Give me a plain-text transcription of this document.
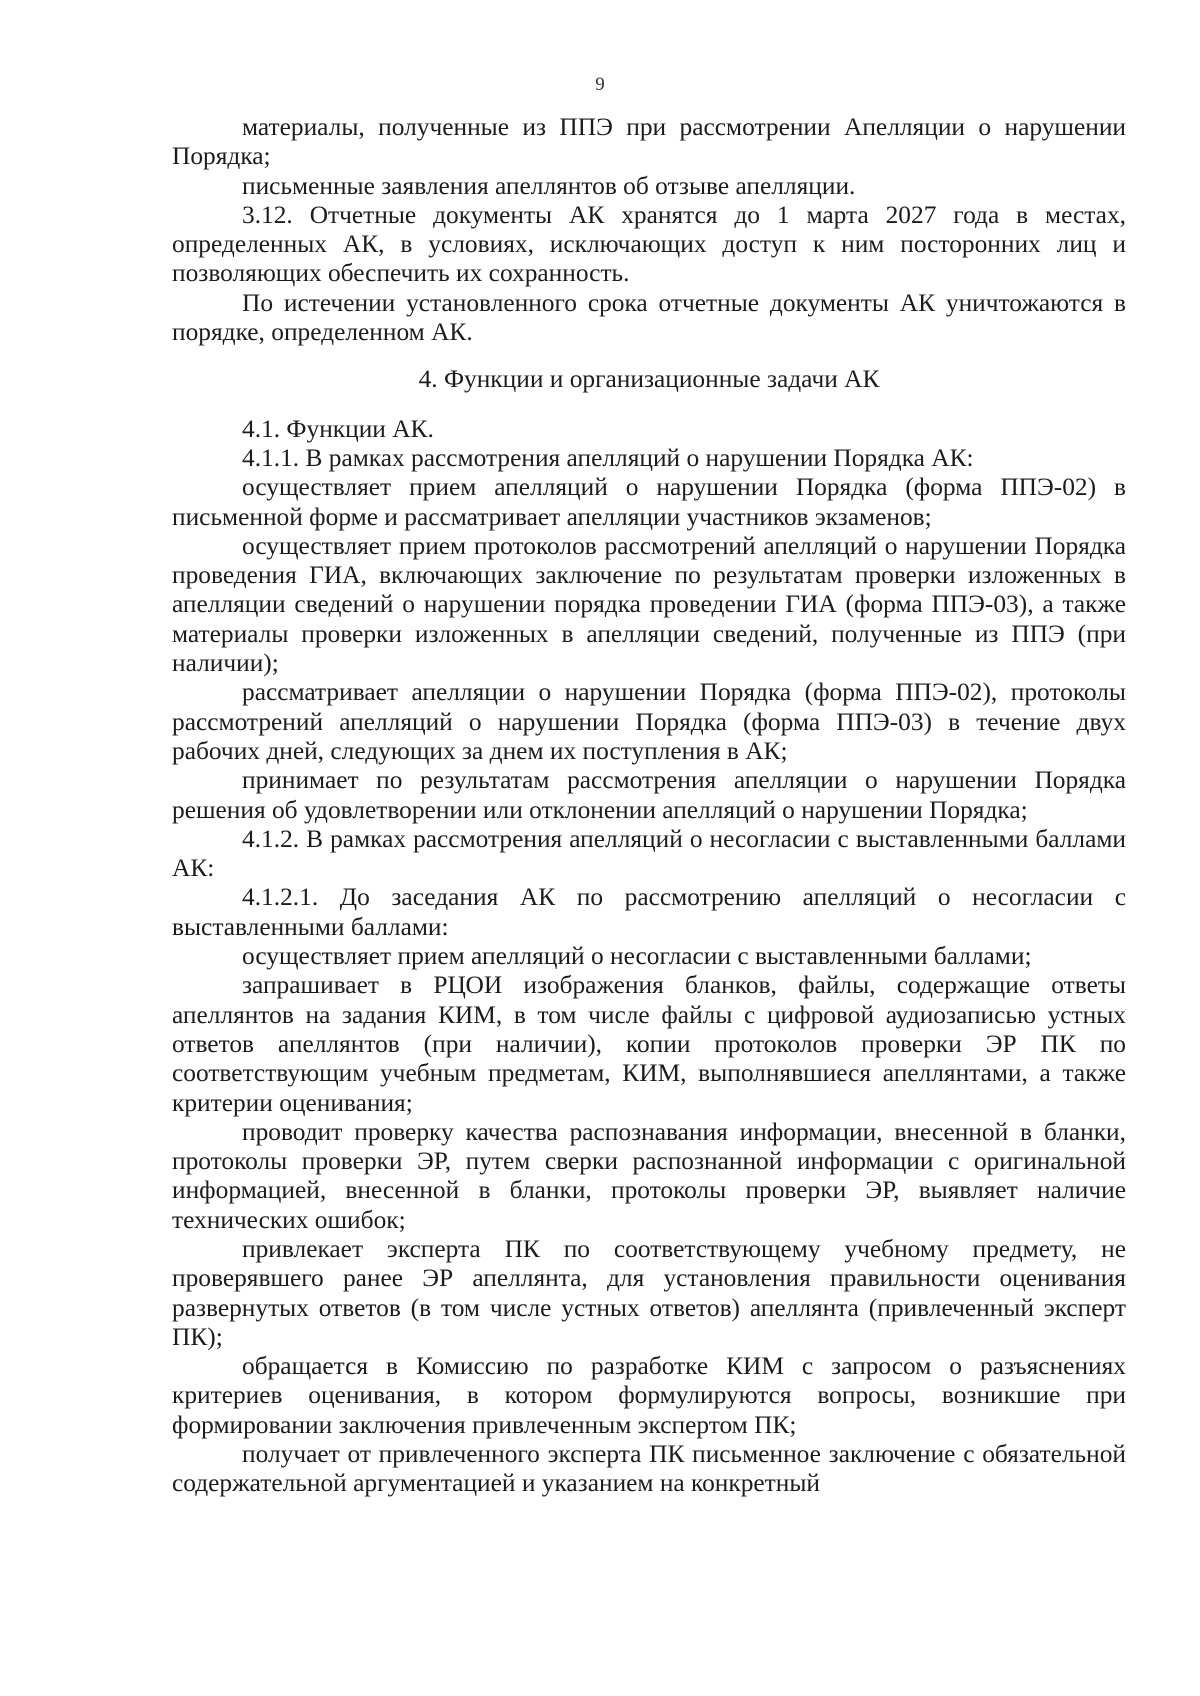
9

материалы, полученные из ППЭ при рассмотрении Апелляции о нарушении Порядка;

письменные заявления апеллянтов об отзыве апелляции.

3.12. Отчетные документы АК хранятся до 1 марта 2027 года в местах, определенных АК, в условиях, исключающих доступ к ним посторонних лиц и позволяющих обеспечить их сохранность.

По истечении установленного срока отчетные документы АК уничтожаются в порядке, определенном АК.

4. Функции и организационные задачи АК

4.1. Функции АК.

4.1.1. В рамках рассмотрения апелляций о нарушении Порядка АК:

осуществляет прием апелляций о нарушении Порядка (форма ППЭ-02) в письменной форме и рассматривает апелляции участников экзаменов;

осуществляет прием протоколов рассмотрений апелляций о нарушении Порядка проведения ГИА, включающих заключение по результатам проверки изложенных в апелляции сведений о нарушении порядка проведении ГИА (форма ППЭ-03), а также материалы проверки изложенных в апелляции сведений, полученные из ППЭ (при наличии);

рассматривает апелляции о нарушении Порядка (форма ППЭ-02), протоколы рассмотрений апелляций о нарушении Порядка (форма ППЭ-03) в течение двух рабочих дней, следующих за днем их поступления в АК;

принимает по результатам рассмотрения апелляции о нарушении Порядка решения об удовлетворении или отклонении апелляций о нарушении Порядка;

4.1.2. В рамках рассмотрения апелляций о несогласии с выставленными баллами АК:

4.1.2.1. До заседания АК по рассмотрению апелляций о несогласии с выставленными баллами:

осуществляет прием апелляций о несогласии с выставленными баллами;

запрашивает в РЦОИ изображения бланков, файлы, содержащие ответы апеллянтов на задания КИМ, в том числе файлы с цифровой аудиозаписью устных ответов апеллянтов (при наличии), копии протоколов проверки ЭР ПК по соответствующим учебным предметам, КИМ, выполнявшиеся апеллянтами, а также критерии оценивания;

проводит проверку качества распознавания информации, внесенной в бланки, протоколы проверки ЭР, путем сверки распознанной информации с оригинальной информацией, внесенной в бланки, протоколы проверки ЭР, выявляет наличие технических ошибок;

привлекает эксперта ПК по соответствующему учебному предмету, не проверявшего ранее ЭР апеллянта, для установления правильности оценивания развернутых ответов (в том числе устных ответов) апеллянта (привлеченный эксперт ПК);

обращается в Комиссию по разработке КИМ с запросом о разъяснениях критериев оценивания, в котором формулируются вопросы, возникшие при формировании заключения привлеченным экспертом ПК;

получает от привлеченного эксперта ПК письменное заключение с обязательной содержательной аргументацией и указанием на конкретный
